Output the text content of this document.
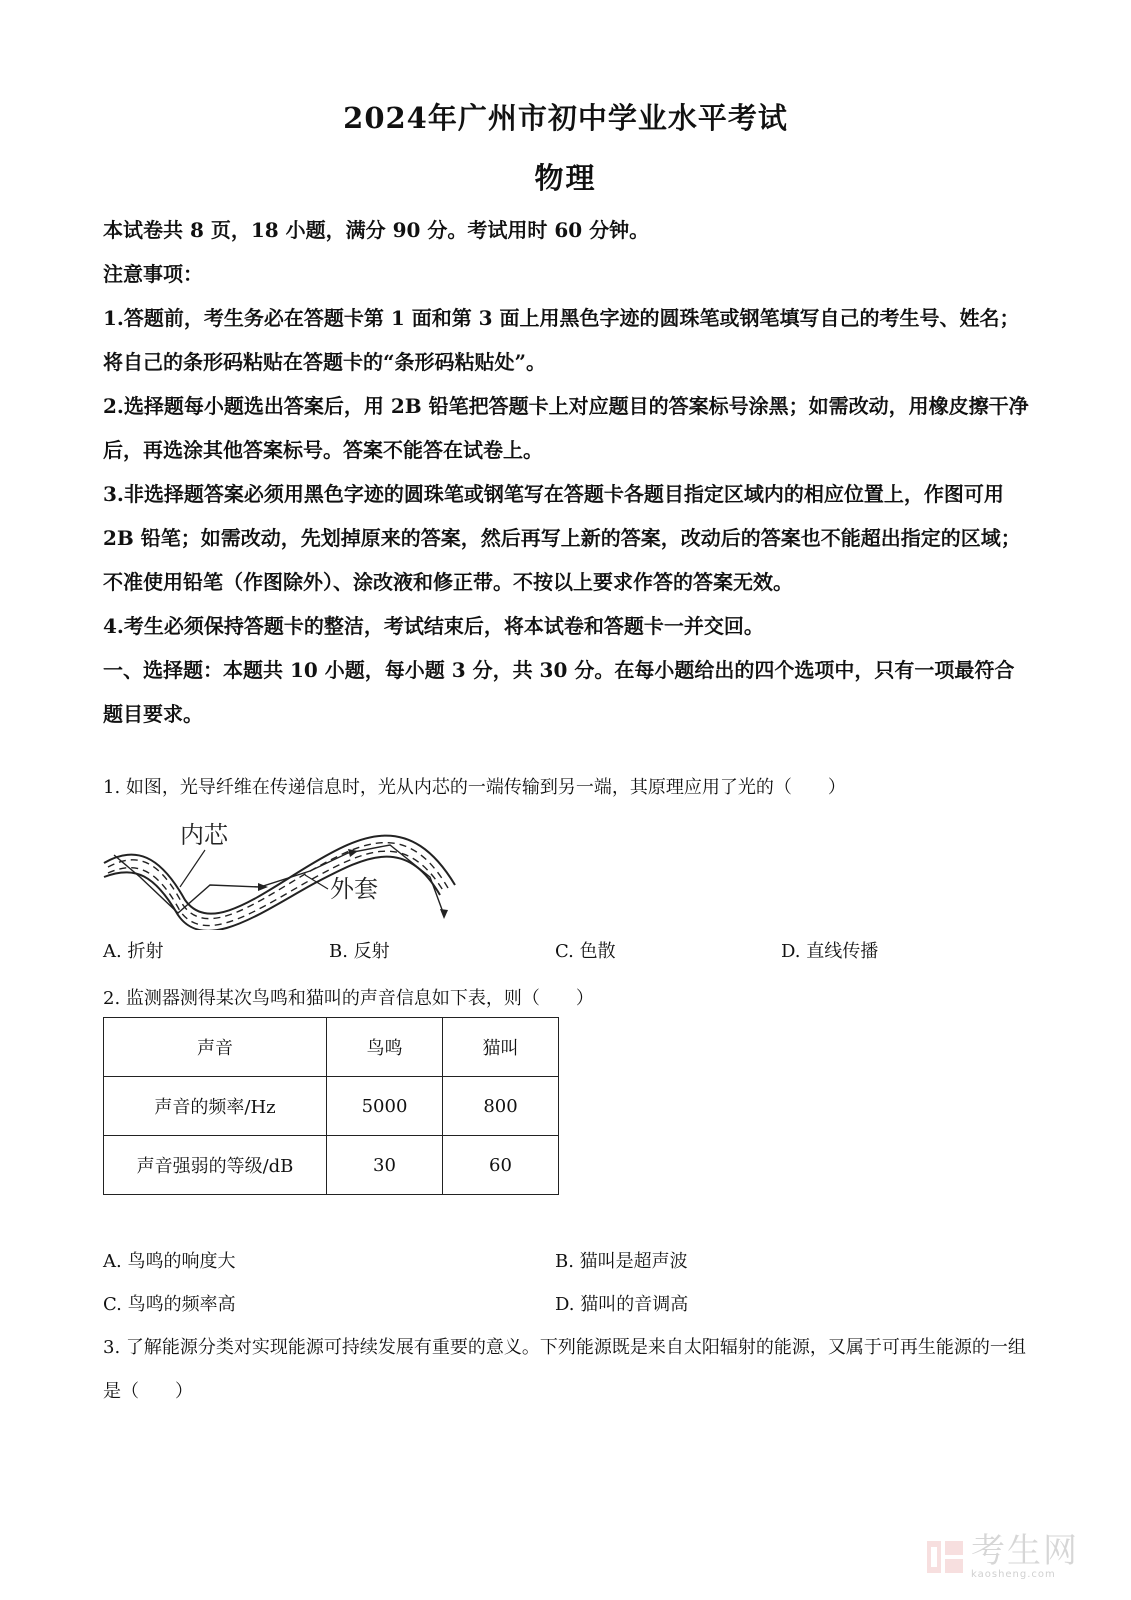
2024年广州市初中学业水平考试
物理

本试卷共 8 页，18 小题，满分 90 分。考试用时 60 分钟。

注意事项：

1.答题前，考生务必在答题卡第 1 面和第 3 面上用黑色字迹的圆珠笔或钢笔填写自己的考生号、姓名；将自己的条形码粘贴在答题卡的“条形码粘贴处”。

2.选择题每小题选出答案后，用 2B 铅笔把答题卡上对应题目的答案标号涂黑；如需改动，用橡皮擦干净后，再选涂其他答案标号。答案不能答在试卷上。

3.非选择题答案必须用黑色字迹的圆珠笔或钢笔写在答题卡各题目指定区域内的相应位置上，作图可用 2B 铅笔；如需改动，先划掉原来的答案，然后再写上新的答案，改动后的答案也不能超出指定的区域；不准使用铅笔（作图除外）、涂改液和修正带。不按以上要求作答的答案无效。

4.考生必须保持答题卡的整洁，考试结束后，将本试卷和答题卡一并交回。

一、选择题：本题共 10 小题，每小题 3 分，共 30 分。在每小题给出的四个选项中，只有一项最符合题目要求。

1. 如图，光导纤维在传递信息时，光从内芯的一端传输到另一端，其原理应用了光的（　　）

内芯
外套
A. 折射	B. 反射	C. 色散	D. 直线传播

2. 监测器测得某次鸟鸣和猫叫的声音信息如下表，则（　　）

声音	鸟鸣	猫叫
声音的频率/Hz	5000	800
声音强弱的等级/dB	30	60
A. 鸟鸣的响度大	B. 猫叫是超声波
C. 鸟鸣的频率高	D. 猫叫的音调高

3. 了解能源分类对实现能源可持续发展有重要的意义。下列能源既是来自太阳辐射的能源，又属于可再生能源的一组是（　　）

考生网
kaosheng.com
